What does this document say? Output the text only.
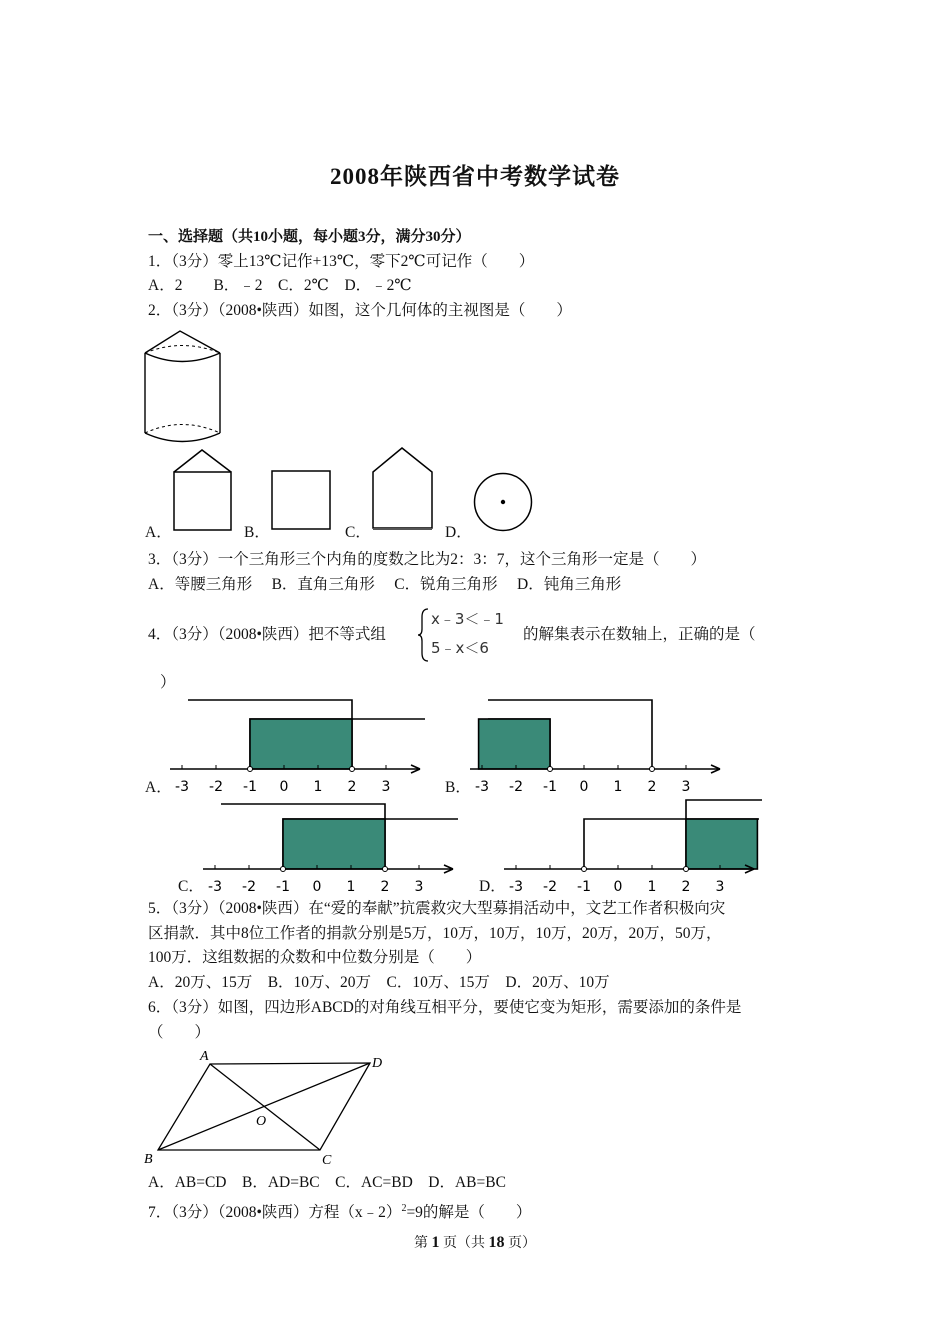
2008年陕西省中考数学试卷
一、选择题（共10小题，每小题3分，满分30分）
1．（3分）零上13℃记作+13℃，零下2℃可记作（　　）
A．2　　B．﹣2　C．2℃　D．﹣2℃
2．（3分）（2008•陕西）如图，这个几何体的主视图是（　　）
A．	B．	C．	D．
3．（3分）一个三角形三个内角的度数之比为2：3：7，这个三角形一定是（　　）
A．等腰三角形　 B．直角三角形　 C．锐角三角形　 D．钝角三角形
4．（3分）（2008•陕西）把不等式组
x﹣3＜﹣1
5﹣x＜6
的解集表示在数轴上，正确的是（
）
A． -3 -2 -1 0 1 2 3	B． -3 -2 -1 0 1 2 3
C． -3 -2 -1 0 1 2 3	D． -3 -2 -1 0 1 2 3
5．（3分）（2008•陕西）在“爱的奉献”抗震救灾大型募捐活动中，文艺工作者积极向灾
区捐款．其中8位工作者的捐款分别是5万，10万，10万，10万，20万，20万，50万，
100万．这组数据的众数和中位数分别是（　　）
A．20万、15万　B．10万、20万　C．10万、15万　D．20万、10万
6．（3分）如图，四边形ABCD的对角线互相平分，要使它变为矩形，需要添加的条件是
（　　）
A	D
O
B	C
A．AB=CD　B．AD=BC　C．AC=BD　D．AB=BC
7．（3分）（2008•陕西）方程（x﹣2）$^2$=9的解是（　　）
第 1 页（共 18 页）
